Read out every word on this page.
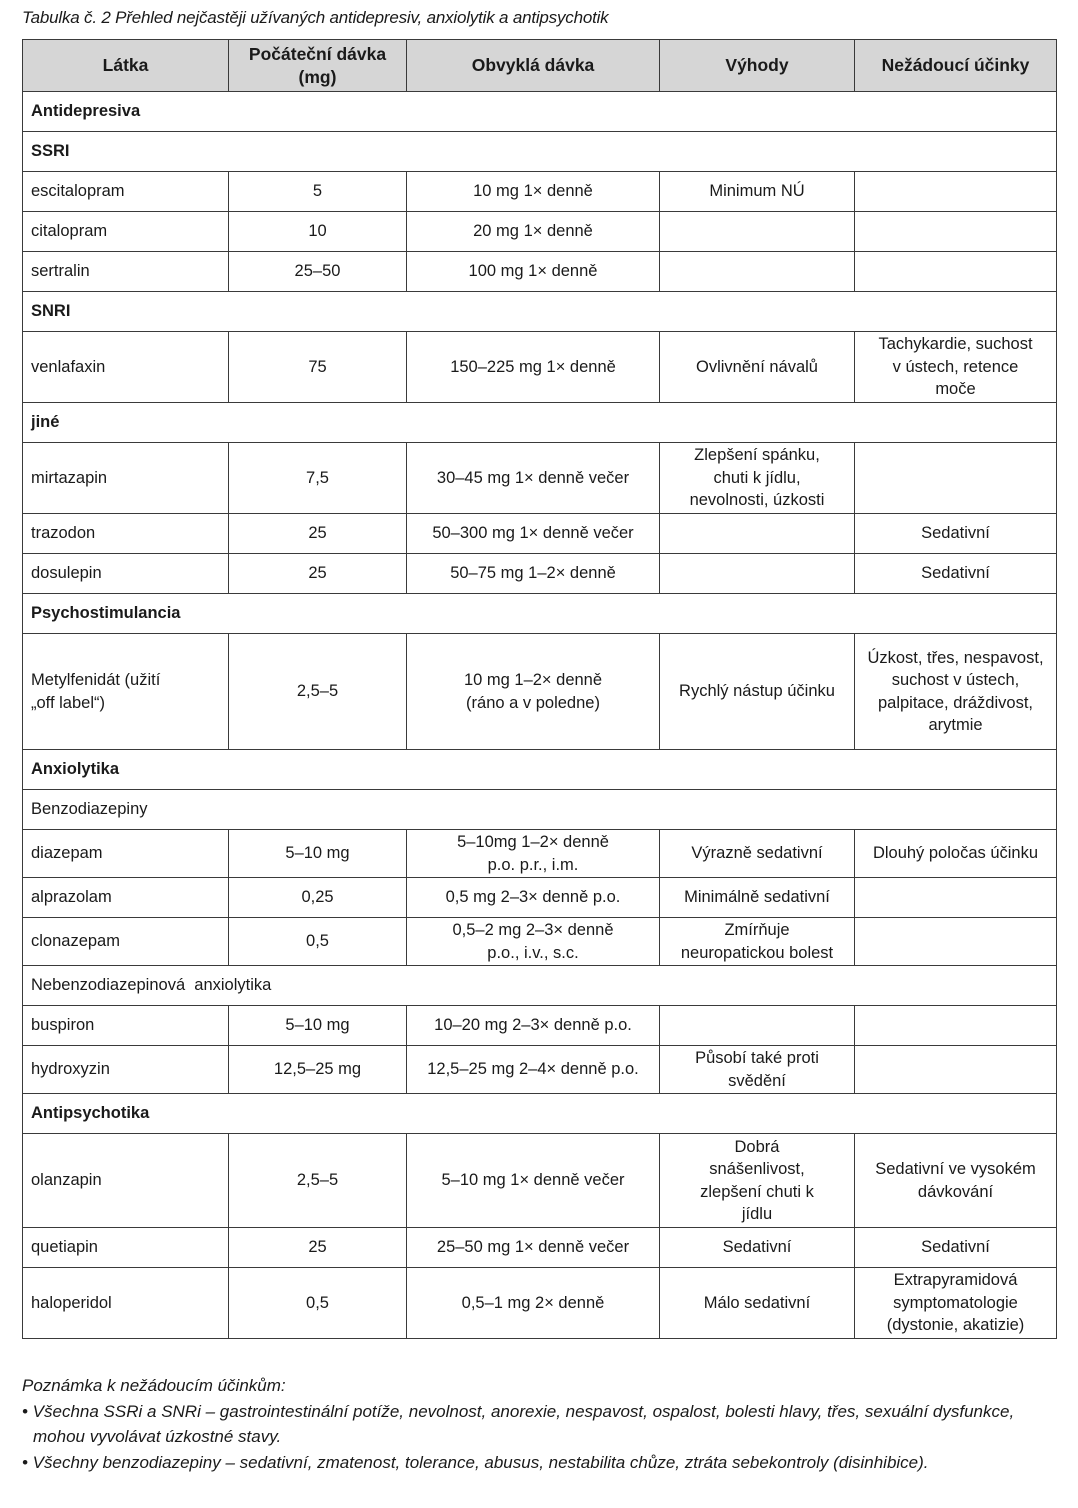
Tabulka č. 2 Přehled nejčastěji užívaných antidepresiv, anxiolytik a antipsychotik
Látka	Počáteční dávka (mg)	Obvyklá dávka	Výhody	Nežádoucí účinky
Antidepresiva				
SSRI				
escitalopram	5	10 mg 1× denně	Minimum NÚ	
citalopram	10	20 mg 1× denně		
sertralin	25–50	100 mg 1× denně		
SNRI				
venlafaxin	75	150–225 mg 1× denně	Ovlivnění návalů	Tachykardie, suchost v ústech, retence moče
jiné				
mirtazapin	7,5	30–45 mg 1× denně večer	Zlepšení spánku, chuti k jídlu, nevolnosti, úzkosti	
trazodon	25	50–300 mg 1× denně večer		Sedativní
dosulepin	25	50–75 mg 1–2× denně		Sedativní
Psychostimulancia				
Metylfenidát (užití „off label“)	2,5–5	10 mg 1–2× denně (ráno a v poledne)	Rychlý nástup účinku	Úzkost, třes, nespavost, suchost v ústech, palpitace, dráždivost, arytmie
Anxiolytika				
Benzodiazepiny				
diazepam	5–10 mg	5–10mg 1–2× denně p.o. p.r., i.m.	Výrazně sedativní	Dlouhý poločas účinku
alprazolam	0,25	0,5 mg 2–3× denně p.o.	Minimálně sedativní	
clonazepam	0,5	0,5–2 mg 2–3× denně p.o., i.v., s.c.	Zmírňuje neuropatickou bolest	
Nebenzodiazepinová  anxiolytika				
buspiron	5–10 mg	10–20 mg 2–3× denně p.o.		
hydroxyzin	12,5–25 mg	12,5–25 mg 2–4× denně p.o.	Působí také proti svědění	
Antipsychotika				
olanzapin	2,5–5	5–10 mg 1× denně večer	Dobrá snášenlivost, zlepšení chuti k jídlu	Sedativní ve vysokém dávkování
quetiapin	25	25–50 mg 1× denně večer	Sedativní	Sedativní
haloperidol	0,5	0,5–1 mg 2× denně	Málo sedativní	Extrapyramidová symptomatologie (dystonie, akatizie)
Poznámka k nežádoucím účinkům:
• Všechna SSRi a SNRi – gastrointestinální potíže, nevolnost, anorexie, nespavost, ospalost, bolesti hlavy, třes, sexuální dysfunkce, mohou vyvolávat úzkostné stavy.
• Všechny benzodiazepiny – sedativní, zmatenost, tolerance, abusus, nestabilita chůze, ztráta sebekontroly (disinhibice).
